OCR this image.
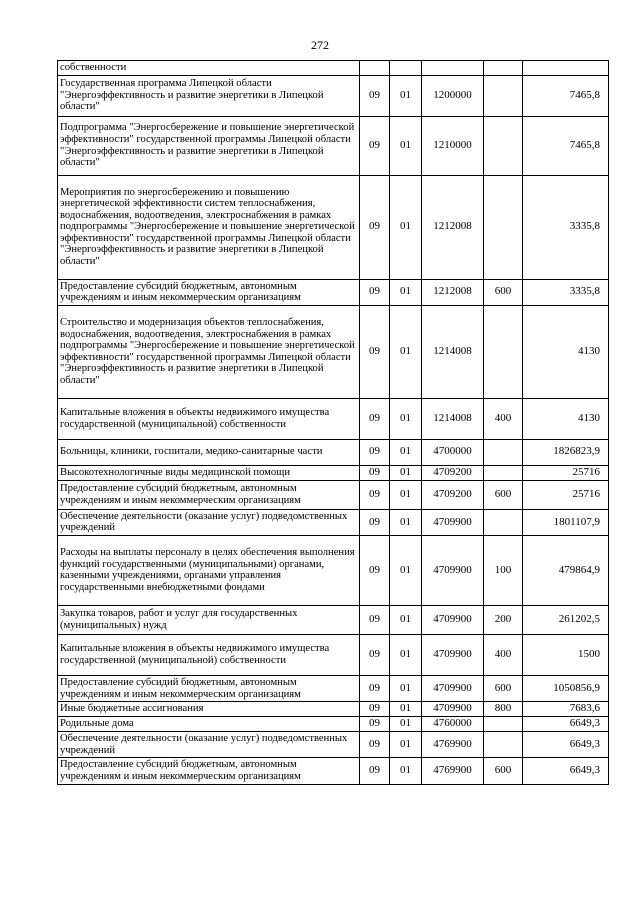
272
собственности					
Государственная программа Липецкой области "Энергоэффективность и развитие энергетики в Липецкой области"	09	01	1200000		7465,8
Подпрограмма "Энергосбережение и повышение энергетической эффективности" государственной программы Липецкой области "Энергоэффективность и развитие энергетики в Липецкой области"	09	01	1210000		7465,8
Мероприятия по энергосбережению и повышению энергетической эффективности систем теплоснабжения, водоснабжения, водоотведения, электроснабжения в рамках подпрограммы "Энергосбережение и повышение энергетической эффективности" государственной программы Липецкой области "Энергоэффективность и развитие энергетики в Липецкой области"	09	01	1212008		3335,8
Предоставление субсидий бюджетным, автономным учреждениям и иным некоммерческим организациям	09	01	1212008	600	3335,8
Строительство и модернизация объектов теплоснабжения, водоснабжения, водоотведения, электроснабжения в рамках подпрограммы "Энергосбережение и повышение энергетической эффективности" государственной программы Липецкой области "Энергоэффективность и развитие энергетики в Липецкой области"	09	01	1214008		4130
Капитальные вложения в объекты недвижимого имущества государственной (муниципальной) собственности	09	01	1214008	400	4130
Больницы, клиники, госпитали, медико-санитарные части	09	01	4700000		1826823,9
Высокотехнологичные виды медицинской помощи	09	01	4709200		25716
Предоставление субсидий бюджетным, автономным учреждениям и иным некоммерческим организациям	09	01	4709200	600	25716
Обеспечение деятельности (оказание услуг) подведомственных учреждений	09	01	4709900		1801107,9
Расходы на выплаты персоналу в целях обеспечения выполнения функций государственными (муниципальными) органами, казенными учреждениями, органами управления государственными внебюджетными фондами	09	01	4709900	100	479864,9
Закупка товаров, работ и услуг для государственных (муниципальных) нужд	09	01	4709900	200	261202,5
Капитальные вложения в объекты недвижимого имущества государственной (муниципальной) собственности	09	01	4709900	400	1500
Предоставление субсидий бюджетным, автономным учреждениям и иным некоммерческим организациям	09	01	4709900	600	1050856,9
Иные бюджетные ассигнования	09	01	4709900	800	7683,6
Родильные дома	09	01	4760000		6649,3
Обеспечение деятельности (оказание услуг) подведомственных учреждений	09	01	4769900		6649,3
Предоставление субсидий бюджетным, автономным учреждениям и иным некоммерческим организациям	09	01	4769900	600	6649,3
